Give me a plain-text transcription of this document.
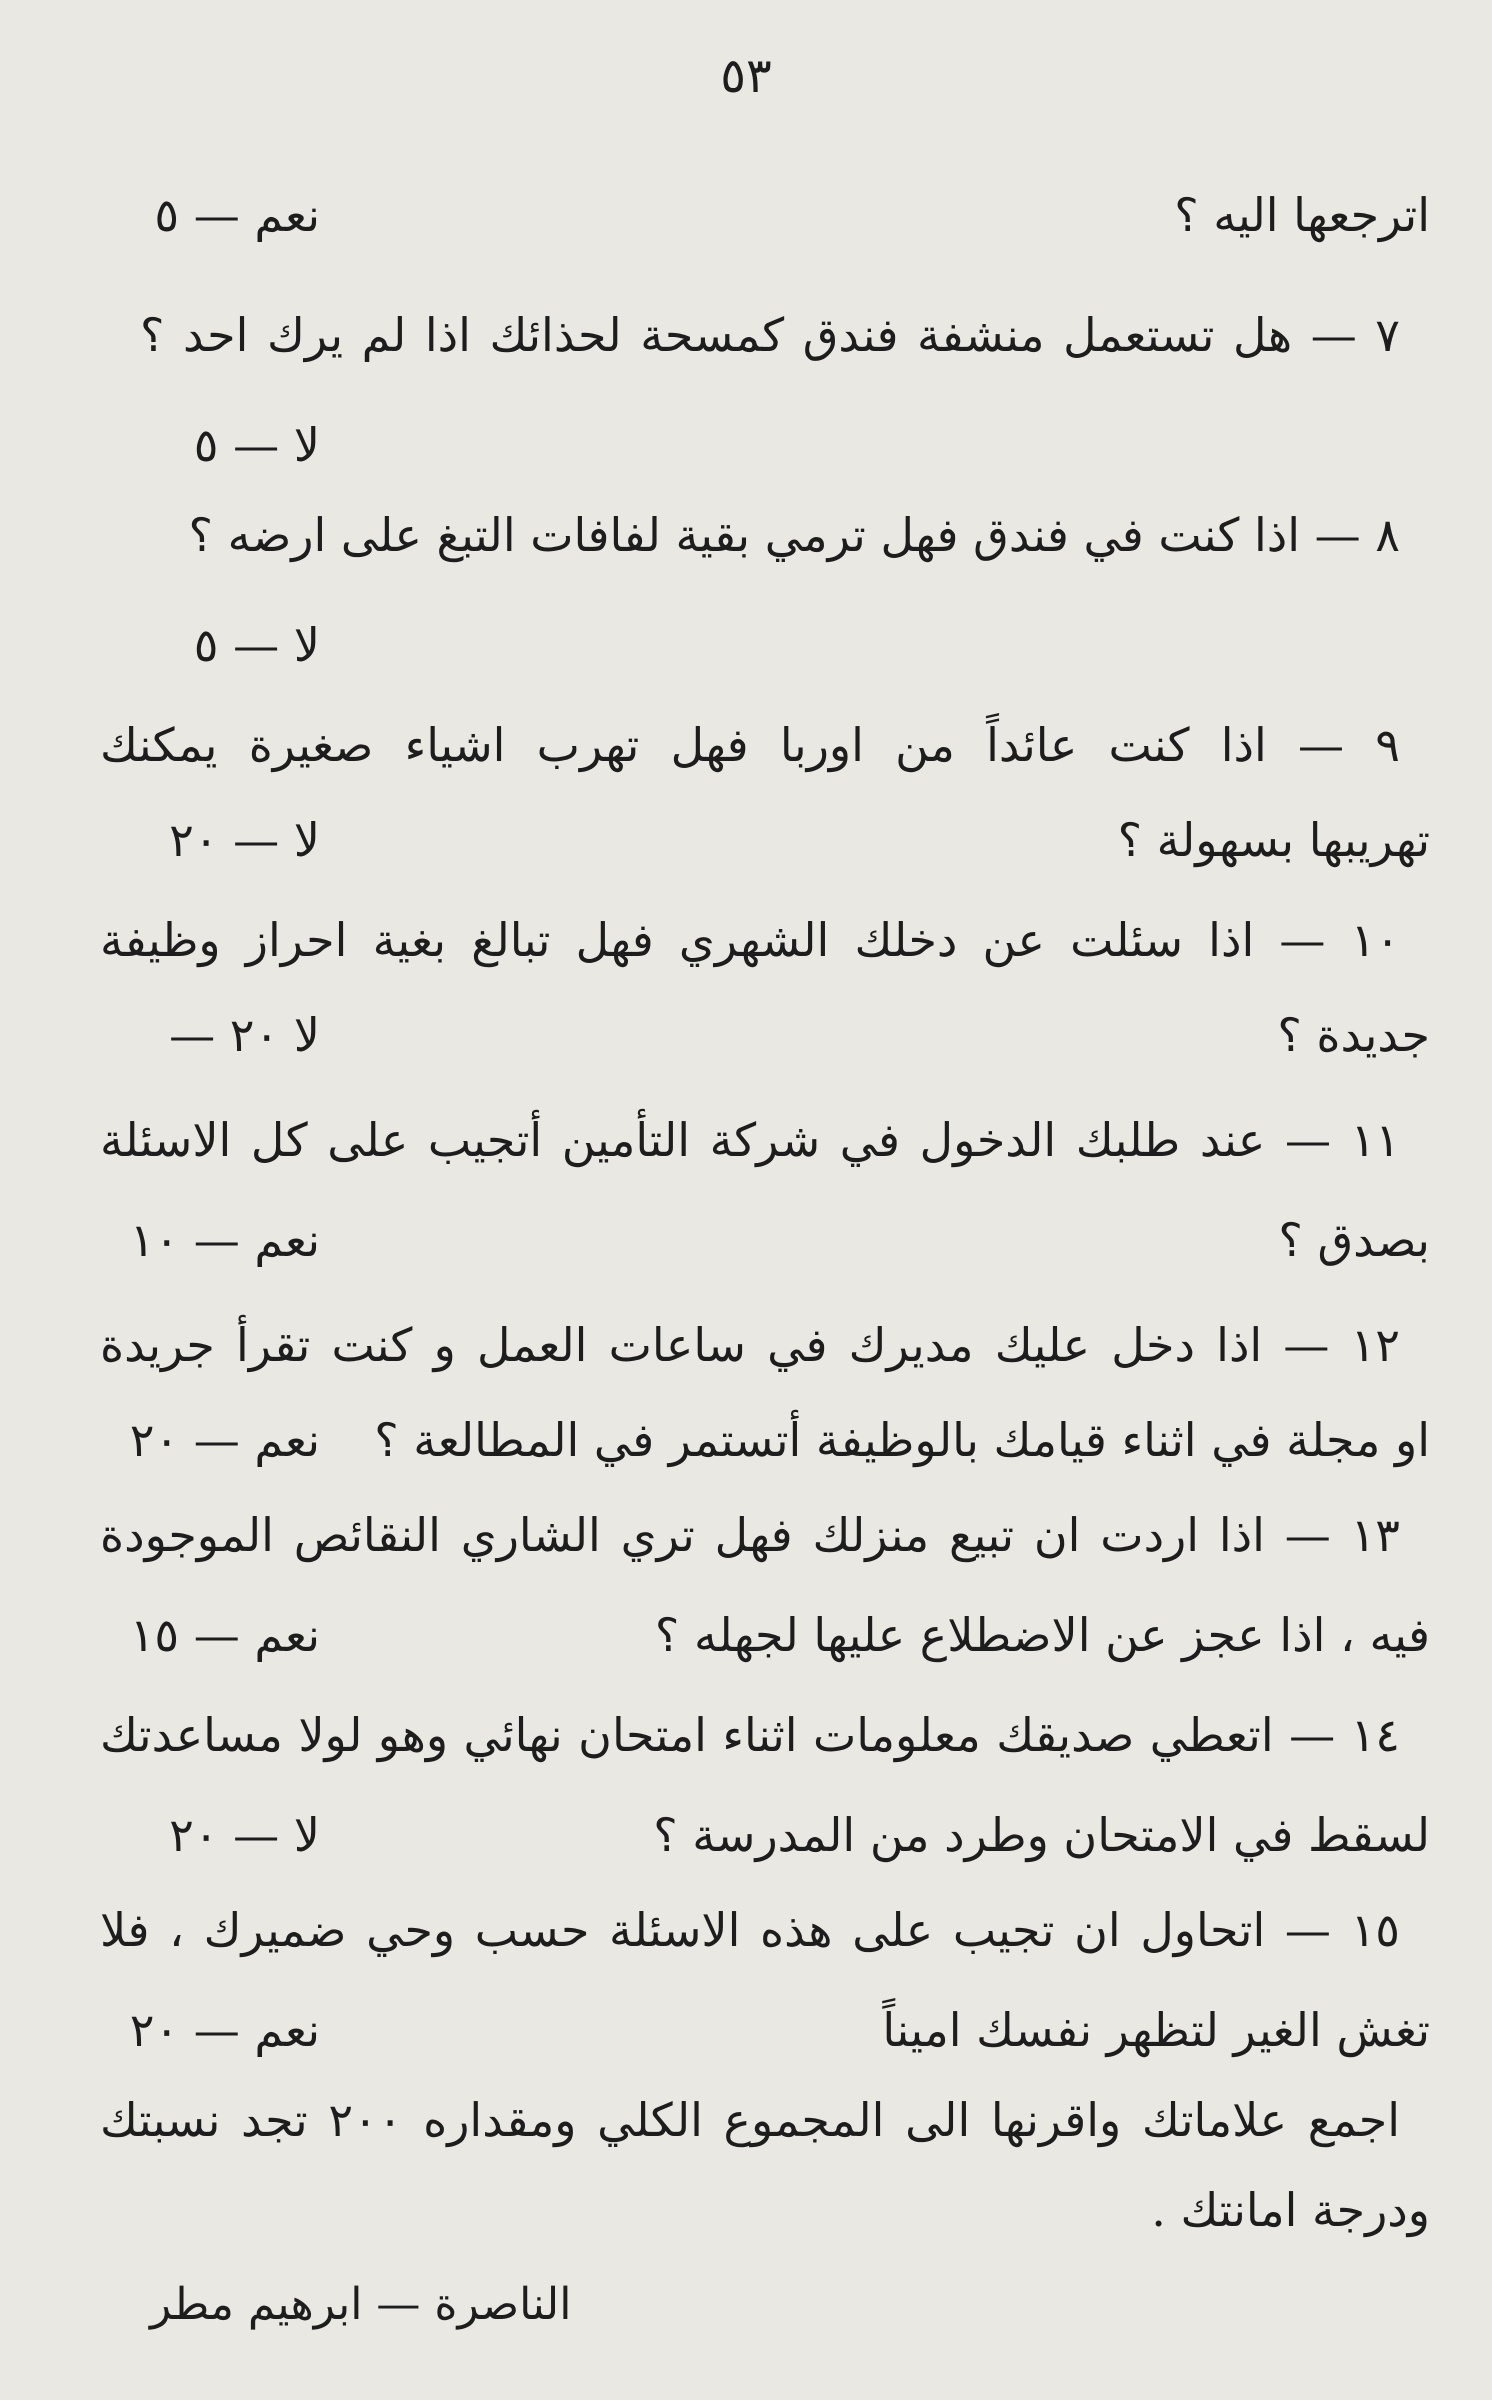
٥٣
اترجعها اليه ؟
نعم — ٥
٧ — هل تستعمل منشفة فندق كمسحة لحذائك اذا لم يرك احد ؟
لا — ٥
٨ — اذا كنت في فندق فهل ترمي بقية لفافات التبغ على ارضه ؟
لا — ٥
٩ — اذا كنت عائداً من اوربا فهل تهرب اشياء صغيرة يمكنك
تهريبها بسهولة ؟
لا — ٢٠
١٠ — اذا سئلت عن دخلك الشهري فهل تبالغ بغية احراز وظيفة
جديدة ؟
لا ٢٠ —
١١ — عند طلبك الدخول في شركة التأمين أتجيب على كل الاسئلة
بصدق ؟
نعم — ١٠
١٢ — اذا دخل عليك مديرك في ساعات العمل و كنت تقرأ جريدة
او مجلة في اثناء قيامك بالوظيفة أتستمر في المطالعة ؟
نعم — ٢٠
١٣ — اذا اردت ان تبيع منزلك فهل تري الشاري النقائص الموجودة
فيه ، اذا عجز عن الاضطلاع عليها لجهله ؟
نعم — ١٥
١٤ — اتعطي صديقك معلومات اثناء امتحان نهائي وهو لولا مساعدتك
لسقط في الامتحان وطرد من المدرسة ؟
لا — ٢٠
١٥ — اتحاول ان تجيب على هذه الاسئلة حسب وحي ضميرك ، فلا
تغش الغير لتظهر نفسك اميناً
نعم — ٢٠
اجمع علاماتك واقرنها الى المجموع الكلي ومقداره ٢٠٠ تجد نسبتك
ودرجة امانتك .
الناصرة — ابرهيم مطر
